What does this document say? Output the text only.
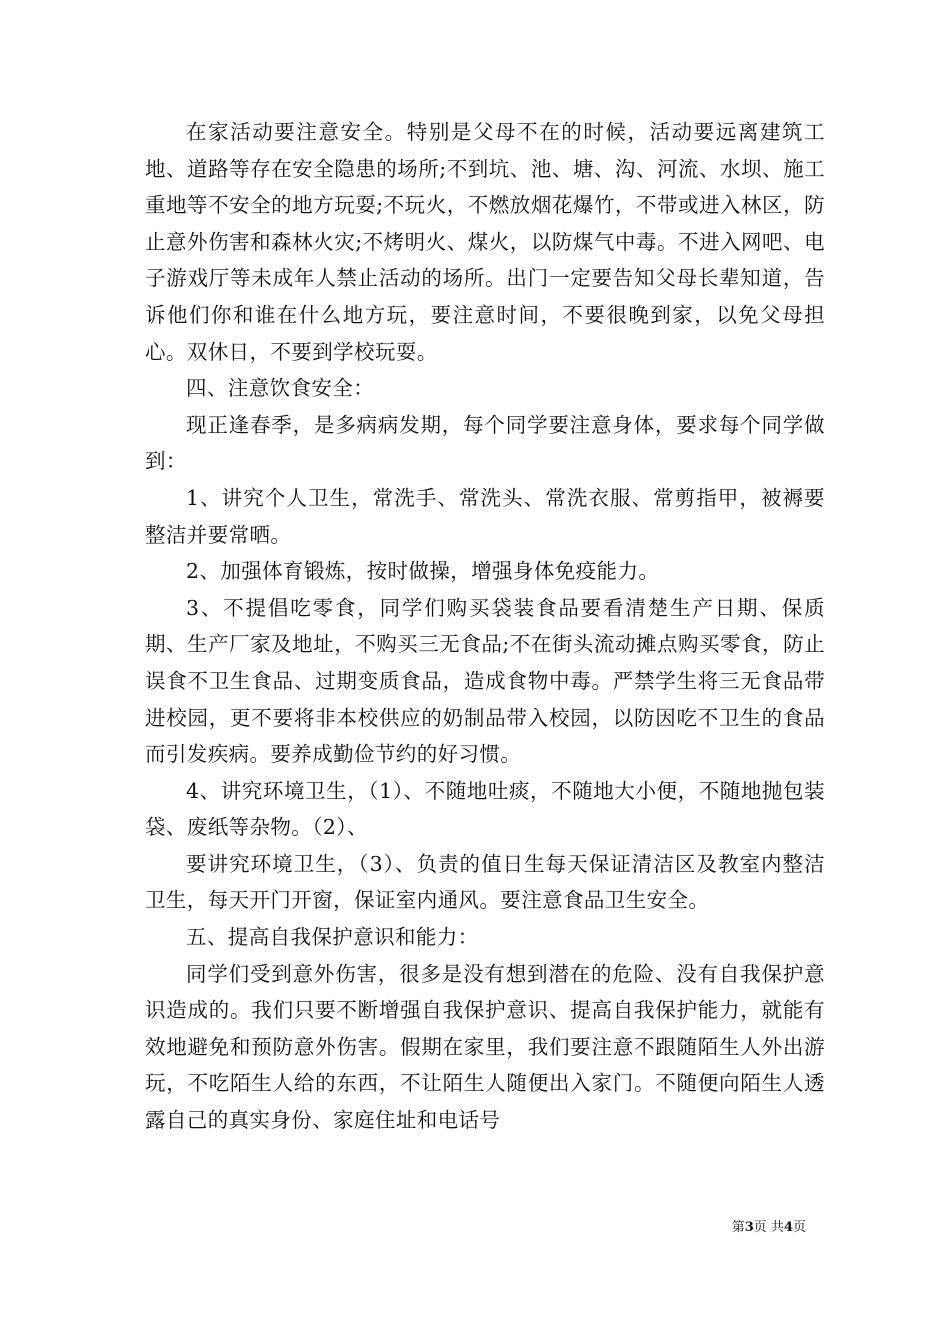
在家活动要注意安全。特别是父母不在的时候，活动要远离建筑工地、道路等存在安全隐患的场所;不到坑、池、塘、沟、河流、水坝、施工重地等不安全的地方玩耍;不玩火，不燃放烟花爆竹，不带或进入林区，防止意外伤害和森林火灾;不烤明火、煤火，以防煤气中毒。不进入网吧、电子游戏厅等未成年人禁止活动的场所。出门一定要告知父母长辈知道，告诉他们你和谁在什么地方玩，要注意时间，不要很晚到家，以免父母担心。双休日，不要到学校玩耍。

四、注意饮食安全：

现正逢春季，是多病病发期，每个同学要注意身体，要求每个同学做到：

1、讲究个人卫生，常洗手、常洗头、常洗衣服、常剪指甲，被褥要整洁并要常晒。

2、加强体育锻炼，按时做操，增强身体免疫能力。

3、不提倡吃零食，同学们购买袋装食品要看清楚生产日期、保质期、生产厂家及地址，不购买三无食品;不在街头流动摊点购买零食，防止误食不卫生食品、过期变质食品，造成食物中毒。严禁学生将三无食品带进校园，更不要将非本校供应的奶制品带入校园，以防因吃不卫生的食品而引发疾病。要养成勤俭节约的好习惯。

4、讲究环境卫生，（1）、不随地吐痰，不随地大小便，不随地抛包装袋、废纸等杂物。（2）、

要讲究环境卫生，（3）、负责的值日生每天保证清洁区及教室内整洁卫生，每天开门开窗，保证室内通风。要注意食品卫生安全。

五、提高自我保护意识和能力：

同学们受到意外伤害，很多是没有想到潜在的危险、没有自我保护意识造成的。我们只要不断增强自我保护意识、提高自我保护能力，就能有效地避免和预防意外伤害。假期在家里，我们要注意不跟随陌生人外出游玩，不吃陌生人给的东西，不让陌生人随便出入家门。不随便向陌生人透露自己的真实身份、家庭住址和电话号

第3页 共4页
